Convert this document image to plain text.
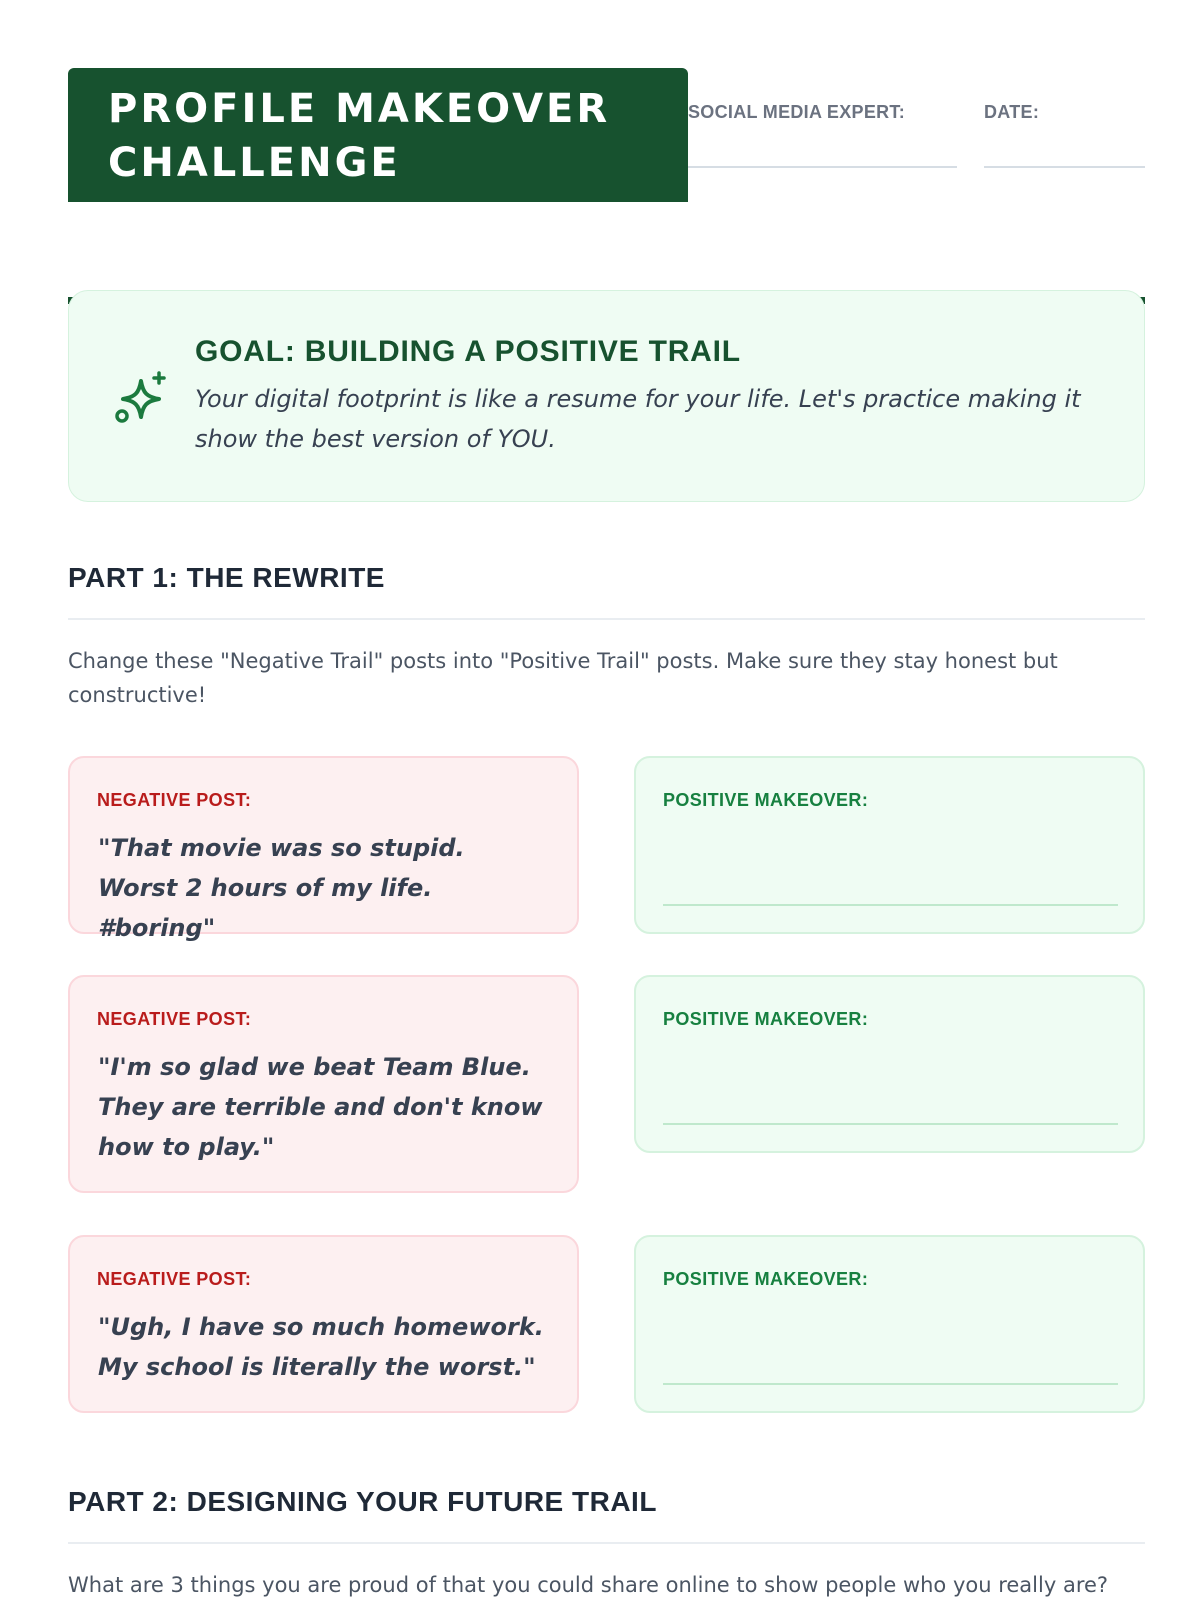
PROFILE MAKEOVER
CHALLENGE
SOCIAL MEDIA EXPERT:	DATE:
GOAL: BUILDING A POSITIVE TRAIL
Your digital footprint is like a resume for your life. Let's practice making it show the best version of YOU.
PART 1: THE REWRITE
Change these "Negative Trail" posts into "Positive Trail" posts. Make sure they stay honest but constructive!
NEGATIVE POST:
"That movie was so stupid. Worst 2 hours of my life. #boring"
POSITIVE MAKEOVER:
NEGATIVE POST:
"I'm so glad we beat Team Blue. They are terrible and don't know how to play."
POSITIVE MAKEOVER:
NEGATIVE POST:
"Ugh, I have so much homework. My school is literally the worst."
POSITIVE MAKEOVER:
PART 2: DESIGNING YOUR FUTURE TRAIL
What are 3 things you are proud of that you could share online to show people who you really are?
